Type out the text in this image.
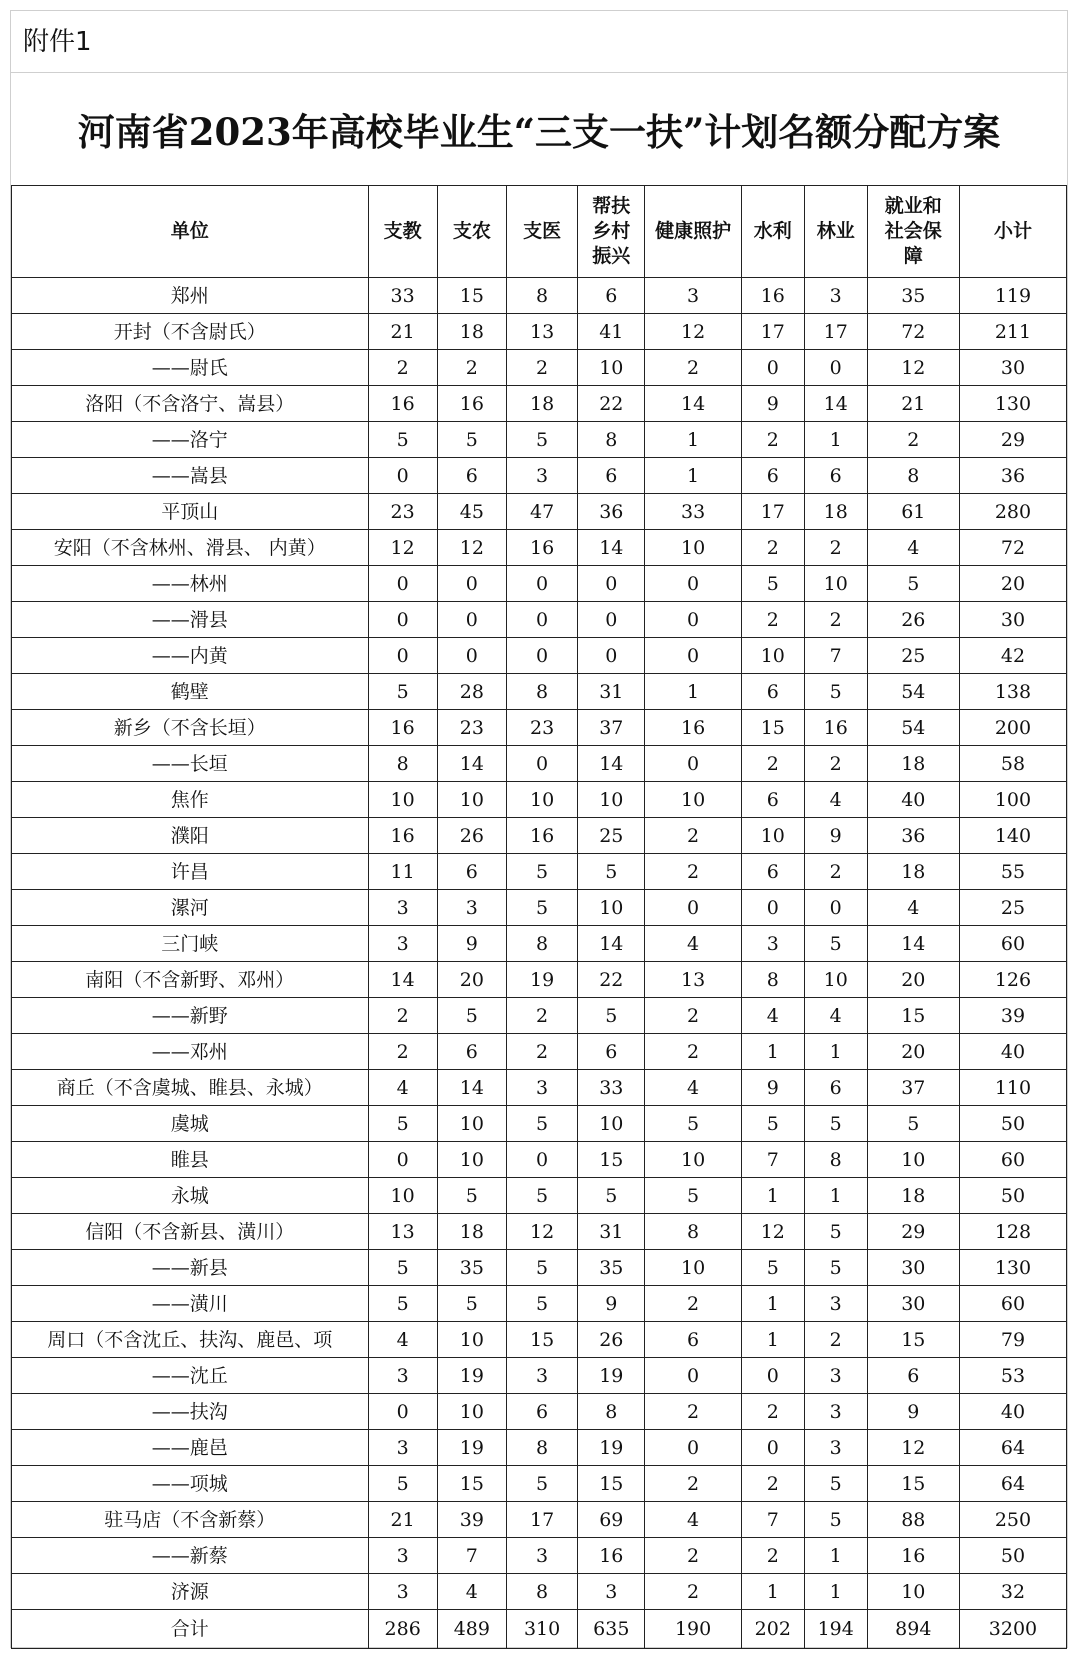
附件1
河南省2023年高校毕业生“三支一扶”计划名额分配方案
单位	支教	支农	支医	帮扶乡村振兴	健康照护	水利	林业	就业和社会保障	小计
郑州	33	15	8	6	3	16	3	35	119
开封（不含尉氏）	21	18	13	41	12	17	17	72	211
——尉氏	2	2	2	10	2	0	0	12	30
洛阳（不含洛宁、嵩县）	16	16	18	22	14	9	14	21	130
——洛宁	5	5	5	8	1	2	1	2	29
——嵩县	0	6	3	6	1	6	6	8	36
平顶山	23	45	47	36	33	17	18	61	280
安阳（不含林州、滑县、 内黄）	12	12	16	14	10	2	2	4	72
——林州	0	0	0	0	0	5	10	5	20
——滑县	0	0	0	0	0	2	2	26	30
——内黄	0	0	0	0	0	10	7	25	42
鹤壁	5	28	8	31	1	6	5	54	138
新乡（不含长垣）	16	23	23	37	16	15	16	54	200
——长垣	8	14	0	14	0	2	2	18	58
焦作	10	10	10	10	10	6	4	40	100
濮阳	16	26	16	25	2	10	9	36	140
许昌	11	6	5	5	2	6	2	18	55
漯河	3	3	5	10	0	0	0	4	25
三门峡	3	9	8	14	4	3	5	14	60
南阳（不含新野、邓州）	14	20	19	22	13	8	10	20	126
——新野	2	5	2	5	2	4	4	15	39
——邓州	2	6	2	6	2	1	1	20	40
商丘（不含虞城、睢县、永城）	4	14	3	33	4	9	6	37	110
虞城	5	10	5	10	5	5	5	5	50
睢县	0	10	0	15	10	7	8	10	60
永城	10	5	5	5	5	1	1	18	50
信阳（不含新县、潢川）	13	18	12	31	8	12	5	29	128
——新县	5	35	5	35	10	5	5	30	130
——潢川	5	5	5	9	2	1	3	30	60
周口（不含沈丘、扶沟、鹿邑、项	4	10	15	26	6	1	2	15	79
——沈丘	3	19	3	19	0	0	3	6	53
——扶沟	0	10	6	8	2	2	3	9	40
——鹿邑	3	19	8	19	0	0	3	12	64
——项城	5	15	5	15	2	2	5	15	64
驻马店（不含新蔡）	21	39	17	69	4	7	5	88	250
——新蔡	3	7	3	16	2	2	1	16	50
济源	3	4	8	3	2	1	1	10	32
合计	286	489	310	635	190	202	194	894	3200
